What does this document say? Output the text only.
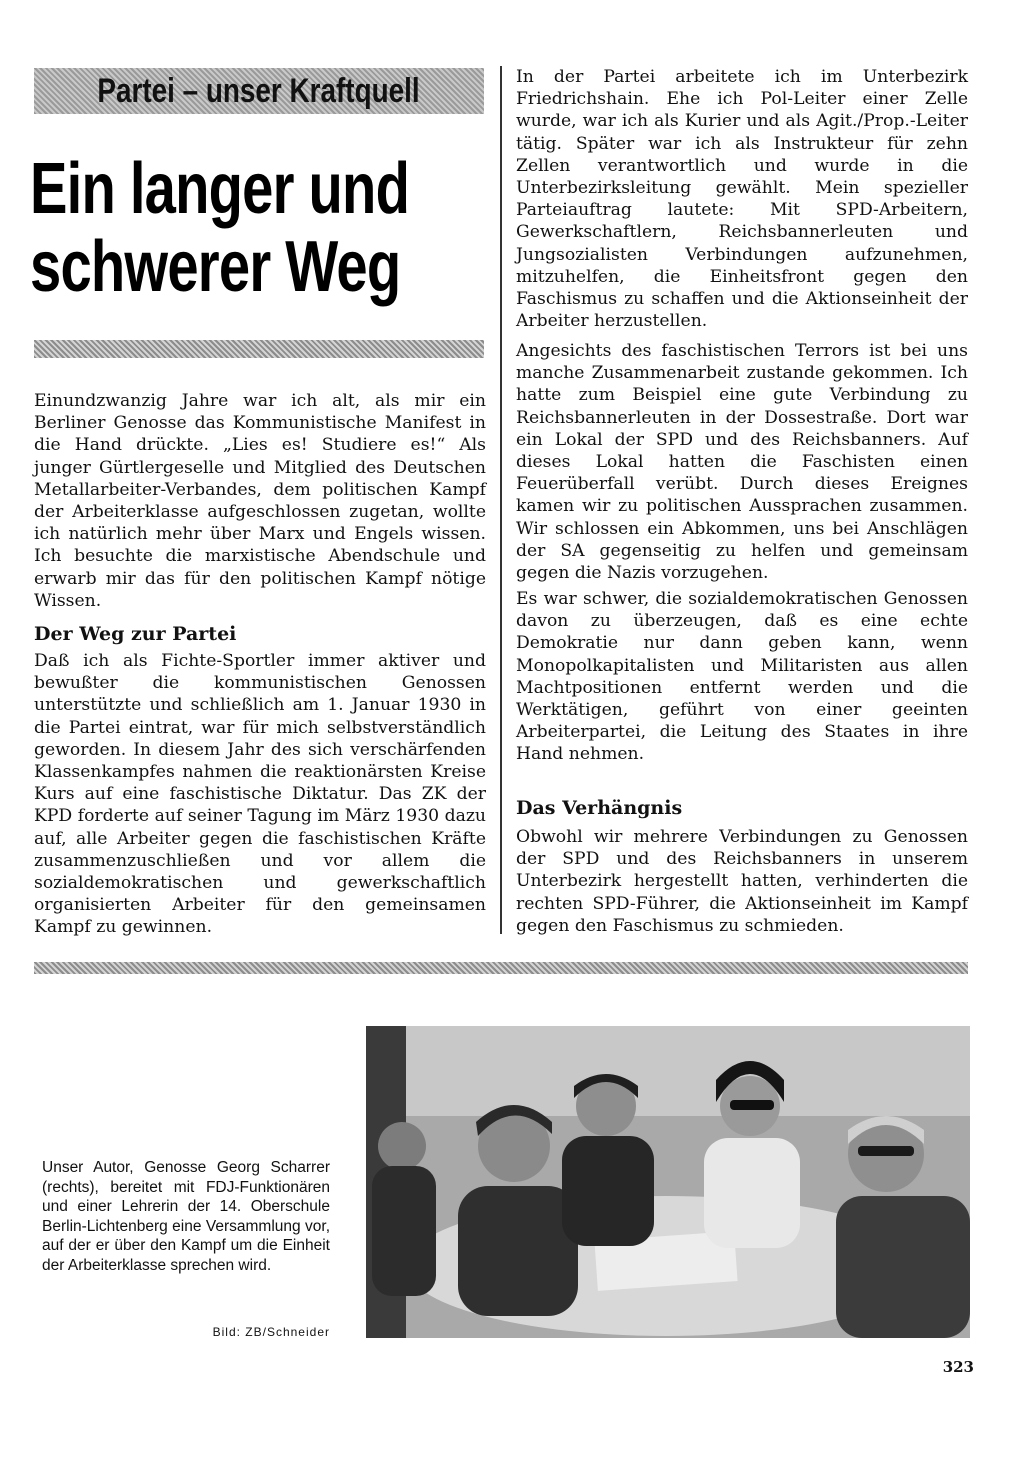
Partei – unser Kraftquell
Ein langer und
schwerer Weg

Einundzwanzig Jahre war ich alt, als mir ein Berliner Genosse das Kommunistische Manifest in die Hand drückte. „Lies es! Studiere es!“ Als junger Gürtlergeselle und Mitglied des Deutschen Metallarbeiter-Verbandes, dem politischen Kampf der Arbeiterklasse aufgeschlossen zugetan, wollte ich natürlich mehr über Marx und Engels wissen. Ich besuchte die marxistische Abendschule und erwarb mir das für den politischen Kampf nötige Wissen.

Der Weg zur Partei

Daß ich als Fichte-Sportler immer aktiver und bewußter die kommunistischen Genossen unterstützte und schließlich am 1. Januar 1930 in die Partei eintrat, war für mich selbstverständlich geworden. In diesem Jahr des sich verschärfenden Klassenkampfes nahmen die reaktionärsten Kreise Kurs auf eine faschistische Diktatur. Das ZK der KPD forderte auf seiner Tagung im März 1930 dazu auf, alle Arbeiter gegen die faschistischen Kräfte zusammenzuschließen und vor allem die sozialdemokratischen und gewerkschaftlich organisierten Arbeiter für den gemeinsamen Kampf zu gewinnen.

In der Partei arbeitete ich im Unterbezirk Friedrichshain. Ehe ich Pol-Leiter einer Zelle wurde, war ich als Kurier und als Agit./Prop.-Leiter tätig. Später war ich als Instrukteur für zehn Zellen verantwortlich und wurde in die Unterbezirksleitung gewählt. Mein spezieller Parteiauftrag lautete: Mit SPD-Arbeitern, Gewerkschaftlern, Reichsbannerleuten und Jungsozialisten Verbindungen aufzunehmen, mitzuhelfen, die Einheitsfront gegen den Faschismus zu schaffen und die Aktionseinheit der Arbeiter herzustellen.

Angesichts des faschistischen Terrors ist bei uns manche Zusammenarbeit zustande gekommen. Ich hatte zum Beispiel eine gute Verbindung zu Reichsbannerleuten in der Dossestraße. Dort war ein Lokal der SPD und des Reichsbanners. Auf dieses Lokal hatten die Faschisten einen Feuerüberfall verübt. Durch dieses Ereignes kamen wir zu politischen Aussprachen zusammen. Wir schlossen ein Abkommen, uns bei Anschlägen der SA gegenseitig zu helfen und gemeinsam gegen die Nazis vorzugehen.

Es war schwer, die sozialdemokratischen Genossen davon zu überzeugen, daß es eine echte Demokratie nur dann geben kann, wenn Monopolkapitalisten und Militaristen aus allen Machtpositionen entfernt werden und die Werktätigen, geführt von einer geeinten Arbeiterpartei, die Leitung des Staates in ihre Hand nehmen.

Das Verhängnis

Obwohl wir mehrere Verbindungen zu Genossen der SPD und des Reichsbanners in unserem Unterbezirk hergestellt hatten, verhinderten die rechten SPD-Führer, die Aktionseinheit im Kampf gegen den Faschismus zu schmieden.

Unser Autor, Genosse Georg Scharrer (rechts), bereitet mit FDJ-Funktionären und einer Lehrerin der 14. Oberschule Berlin-Lichtenberg eine Versammlung vor, auf der er über den Kampf um die Einheit der Arbeiterklasse sprechen wird.
Bild: ZB/Schneider
323
